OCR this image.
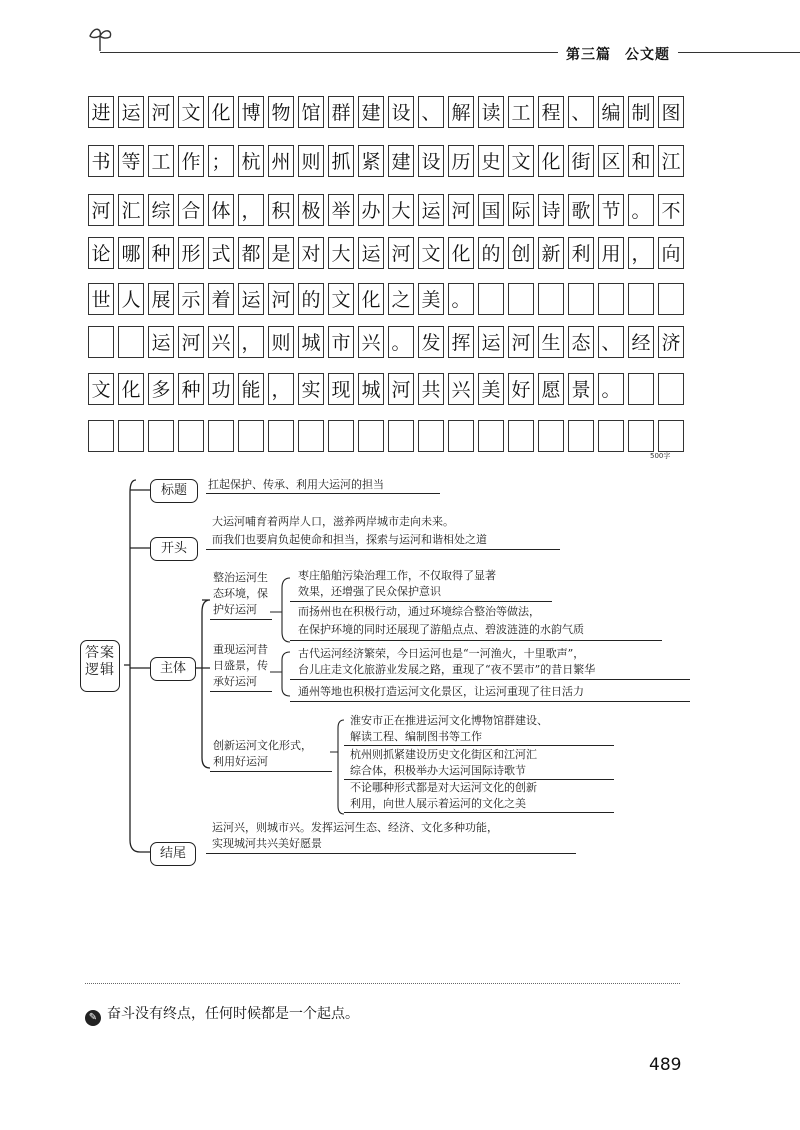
第三篇 公文题
进 运 河 文 化 博 物 馆 群 建 设 、 解 读 工 程 、 编 制 图
书 等 工 作 ； 杭 州 则 抓 紧 建 设 历 史 文 化 街 区 和 江
河 汇 综 合 体 ， 积 极 举 办 大 运 河 国 际 诗 歌 节 。 不
论 哪 种 形 式 都 是 对 大 运 河 文 化 的 创 新 利 用 ， 向
世 人 展 示 着 运 河 的 文 化 之 美 。
运 河 兴 ， 则 城 市 兴 。 发 挥 运 河 生 态 、 经 济
文 化 多 种 功 能 ， 实 现 城 河 共 兴 美 好 愿 景 。
500字
答案逻辑
标题	扛起保护、传承、利用大运河的担当
开头
大运河哺育着两岸人口，滋养两岸城市走向未来。
而我们也要肩负起使命和担当，探索与运河和谐相处之道
主体
整治运河生
态环境，保
护好运河
枣庄船舶污染治理工作，不仅取得了显著
效果，还增强了民众保护意识
而扬州也在积极行动，通过环境综合整治等做法，
在保护环境的同时还展现了游船点点、碧波涟涟的水韵气质
重现运河昔
日盛景，传
承好运河
古代运河经济繁荣，今日运河也是“一河渔火，十里歌声”，
台儿庄走文化旅游业发展之路，重现了“夜不罢市”的昔日繁华
通州等地也积极打造运河文化景区，让运河重现了往日活力
创新运河文化形式，
利用好运河
淮安市正在推进运河文化博物馆群建设、
解读工程、编制图书等工作
杭州则抓紧建设历史文化街区和江河汇
综合体，积极举办大运河国际诗歌节
不论哪种形式都是对大运河文化的创新
利用，向世人展示着运河的文化之美
结尾
运河兴，则城市兴。发挥运河生态、经济、文化多种功能，
实现城河共兴美好愿景
✎ 奋斗没有终点，任何时候都是一个起点。
489
